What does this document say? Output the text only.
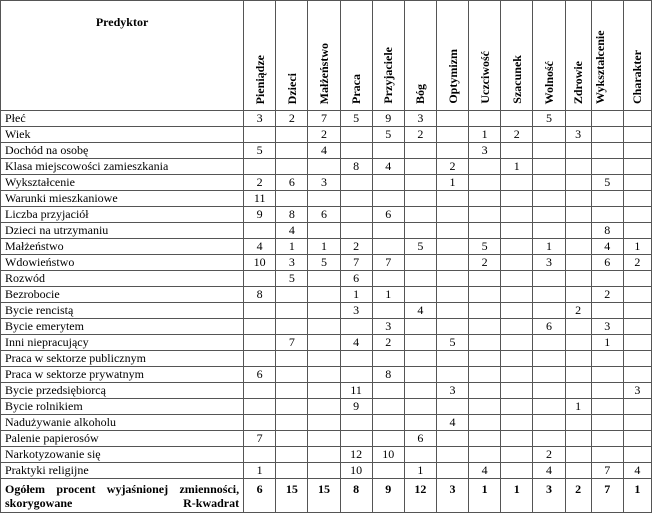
Predyktor	Pieniądze	Dzieci	Małżeństwo	Praca	Przyjaciele	Bóg	Optymizm	Uczciwość	Szacunek	Wolność	Zdrowie	Wykształcenie	Charakter

Płeć	3	2	7	5	9	3				5			
Wiek			2		5	2		1	2		3		
Dochód na osobę	5		4					3					
Klasa miejscowości zamieszkania				8	4		2		1				
Wykształcenie	2	6	3				1					5	
Warunki mieszkaniowe	11												
Liczba przyjaciół	9	8	6		6								
Dzieci na utrzymaniu		4										8	
Małżeństwo	4	1	1	2		5		5		1		4	1
Wdowieństwo	10	3	5	7	7			2		3		6	2
Rozwód		5		6									
Bezrobocie	8			1	1							2	
Bycie rencistą				3		4					2		
Bycie emerytem					3					6		3	
Inni niepracujący		7		4	2		5					1	
Praca w sektorze publicznym													
Praca w sektorze prywatnym	6				8								
Bycie przedsiębiorcą				11			3						3
Bycie rolnikiem				9							1		
Nadużywanie alkoholu							4						
Palenie papierosów	7					6							
Narkotyzowanie się				12	10					2			
Praktyki religijne	1			10		1		4		4		7	4
Ogółem procent wyjaśnionej zmienności, skorygowane R-kwadrat	6	15	15	8	9	12	3	1	1	3	2	7	1
